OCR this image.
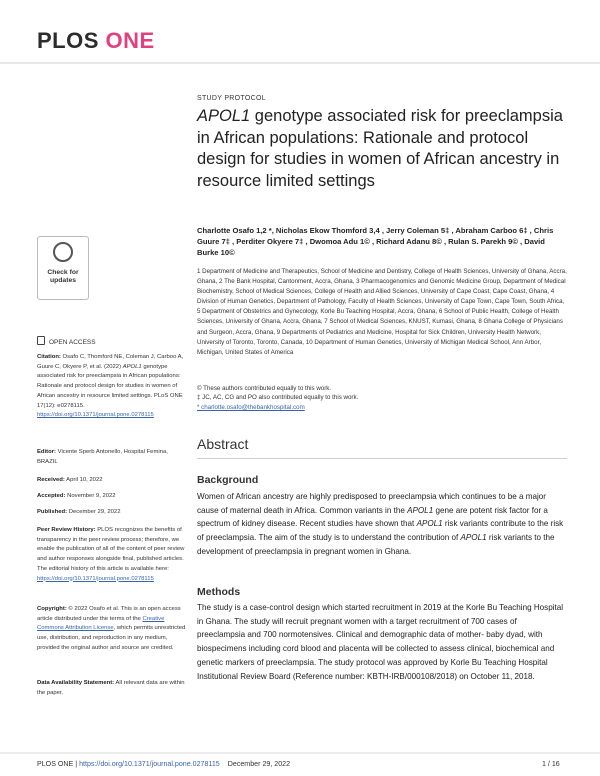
PLOS ONE
STUDY PROTOCOL
APOL1 genotype associated risk for preeclampsia in African populations: Rationale and protocol design for studies in women of African ancestry in resource limited settings
Charlotte Osafo 1,2 *, Nicholas Ekow Thomford 3,4 , Jerry Coleman 5‡ , Abraham Carboo 6‡ , Chris Guure 7‡ , Perditer Okyere 7‡ , Dwomoa Adu 1© , Richard Adanu 8© , Rulan S. Parekh 9© , David Burke 10©
1 Department of Medicine and Therapeutics, School of Medicine and Dentistry, College of Health Sciences, University of Ghana, Accra, Ghana, 2 The Bank Hospital, Cantonment, Accra, Ghana, 3 Pharmacogenomics and Genomic Medicine Group, Department of Medical Biochemistry, School of Medical Sciences, College of Health and Allied Sciences, University of Cape Coast, Cape Coast, Ghana, 4 Division of Human Genetics, Department of Pathology, Faculty of Health Sciences, University of Cape Town, Cape Town, South Africa, 5 Department of Obstetrics and Gynecology, Korle Bu Teaching Hospital, Accra, Ghana, 6 School of Public Health, College of Health Sciences, University of Ghana, Accra, Ghana, 7 School of Medical Sciences, KNUST, Kumasi, Ghana, 8 Ghana College of Physicians and Surgeon, Accra, Ghana, 9 Departments of Pediatrics and Medicine, Hospital for Sick Children, University Health Network, University of Toronto, Toronto, Canada, 10 Department of Human Genetics, University of Michigan Medical School, Ann Arbor, Michigan, United States of America
© These authors contributed equally to this work.
‡ JC, AC, CG and PO also contributed equally to this work.
* charlotte.osafo@thebankhospital.com
Abstract
Background
Women of African ancestry are highly predisposed to preeclampsia which continues to be a major cause of maternal death in Africa. Common variants in the APOL1 gene are potent risk factor for a spectrum of kidney disease. Recent studies have shown that APOL1 risk variants contribute to the risk of preeclampsia. The aim of the study is to understand the contribution of APOL1 risk variants to the development of preeclampsia in pregnant women in Ghana.
Methods
The study is a case-control design which started recruitment in 2019 at the Korle Bu Teaching Hospital in Ghana. The study will recruit pregnant women with a target recruitment of 700 cases of preeclampsia and 700 normotensives. Clinical and demographic data of mother- baby dyad, with biospecimens including cord blood and placenta will be collected to assess clinical, biochemical and genetic markers of preeclampsia. The study protocol was approved by Korle Bu Teaching Hospital Institutional Review Board (Reference number: KBTH-IRB/000108/2018) on October 11, 2018.
Check for updates
OPEN ACCESS
Citation: Osafo C, Thomford NE, Coleman J, Carboo A, Guure C, Okyere P, et al. (2022) APOL1 genotype associated risk for preeclampsia in African populations: Rationale and protocol design for studies in women of African ancestry in resource limited settings. PLoS ONE 17(12): e0278115. https://doi.org/10.1371/journal.pone.0278115
Editor: Vicente Sperb Antonello, Hospital Femina, BRAZIL
Received: April 10, 2022
Accepted: November 9, 2022
Published: December 29, 2022
Peer Review History: PLOS recognizes the benefits of transparency in the peer review process; therefore, we enable the publication of all of the content of peer review and author responses alongside final, published articles. The editorial history of this article is available here: https://doi.org/10.1371/journal.pone.0278115
Copyright: © 2022 Osafo et al. This is an open access article distributed under the terms of the Creative Commons Attribution License, which permits unrestricted use, distribution, and reproduction in any medium, provided the original author and source are credited.
Data Availability Statement: All relevant data are within the paper.
PLOS ONE | https://doi.org/10.1371/journal.pone.0278115 December 29, 2022	1 / 16
